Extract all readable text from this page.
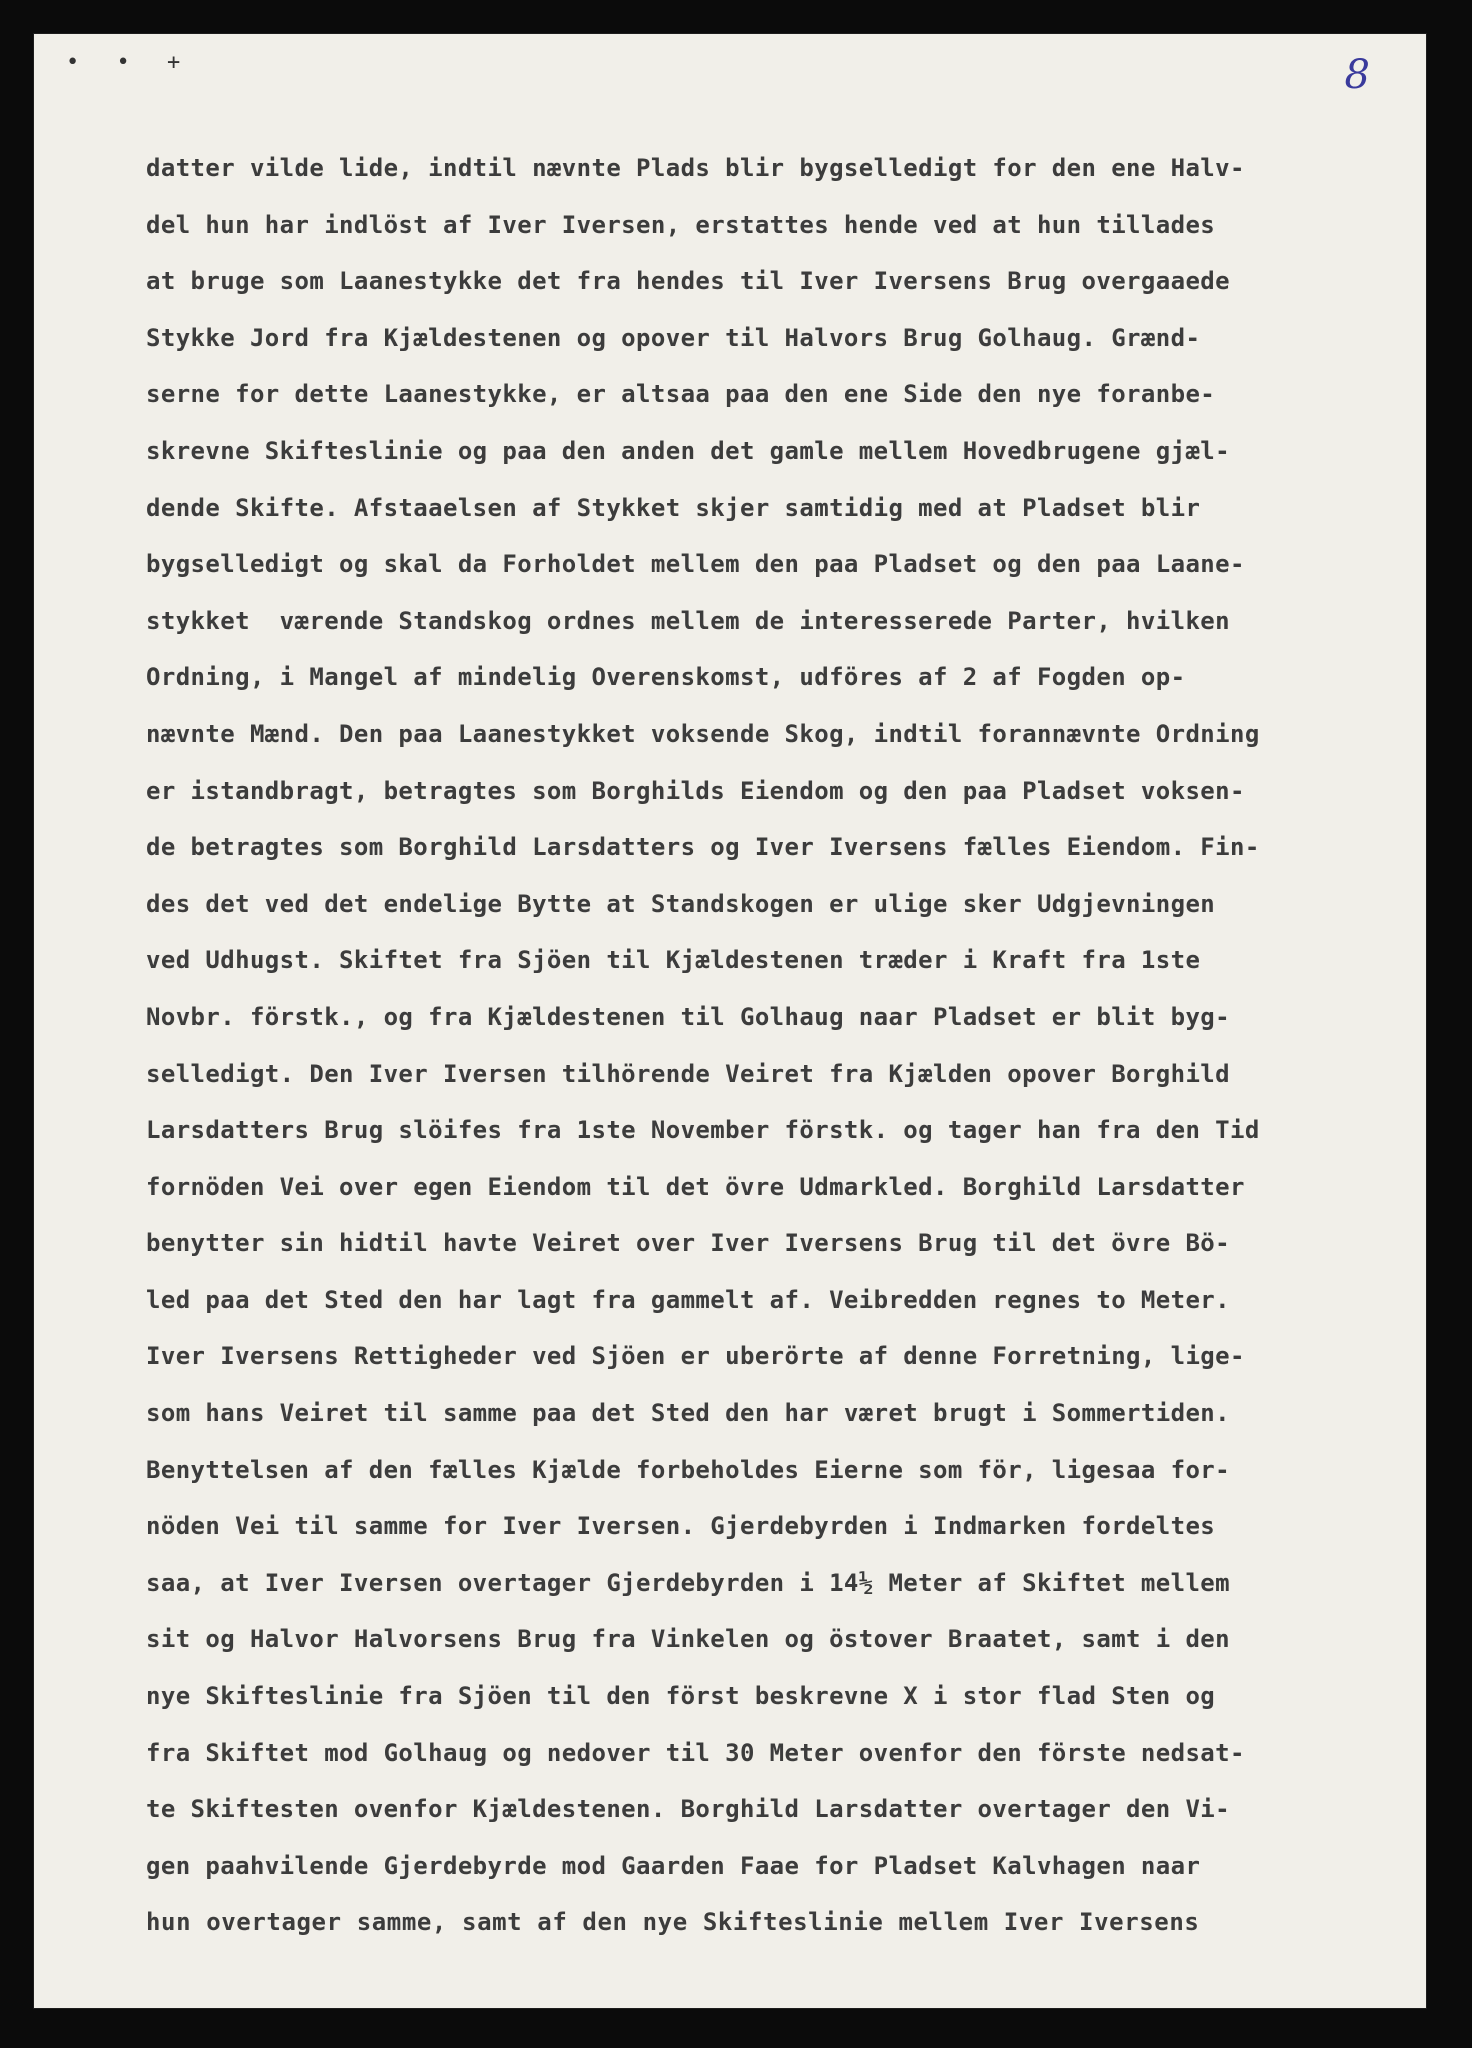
• • +	8
datter vilde lide, indtil nævnte Plads blir bygselledigt for den ene Halv-
del hun har indlöst af Iver Iversen, erstattes hende ved at hun tillades
at bruge som Laanestykke det fra hendes til Iver Iversens Brug overgaaede
Stykke Jord fra Kjældestenen og opover til Halvors Brug Golhaug. Grænd-
serne for dette Laanestykke, er altsaa paa den ene Side den nye foranbe-
skrevne Skifteslinie og paa den anden det gamle mellem Hovedbrugene gjæl-
dende Skifte. Afstaaelsen af Stykket skjer samtidig med at Pladset blir
bygselledigt og skal da Forholdet mellem den paa Pladset og den paa Laane-
stykket  værende Standskog ordnes mellem de interesserede Parter, hvilken
Ordning, i Mangel af mindelig Overenskomst, udföres af 2 af Fogden op-
nævnte Mænd. Den paa Laanestykket voksende Skog, indtil forannævnte Ordning
er istandbragt, betragtes som Borghilds Eiendom og den paa Pladset voksen-
de betragtes som Borghild Larsdatters og Iver Iversens fælles Eiendom. Fin-
des det ved det endelige Bytte at Standskogen er ulige sker Udgjevningen
ved Udhugst. Skiftet fra Sjöen til Kjældestenen træder i Kraft fra 1ste
Novbr. förstk., og fra Kjældestenen til Golhaug naar Pladset er blit byg-
selledigt. Den Iver Iversen tilhörende Veiret fra Kjælden opover Borghild
Larsdatters Brug slöifes fra 1ste November förstk. og tager han fra den Tid
fornöden Vei over egen Eiendom til det övre Udmarkled. Borghild Larsdatter
benytter sin hidtil havte Veiret over Iver Iversens Brug til det övre Bö-
led paa det Sted den har lagt fra gammelt af. Veibredden regnes to Meter.
Iver Iversens Rettigheder ved Sjöen er uberörte af denne Forretning, lige-
som hans Veiret til samme paa det Sted den har været brugt i Sommertiden.
Benyttelsen af den fælles Kjælde forbeholdes Eierne som för, ligesaa for-
nöden Vei til samme for Iver Iversen. Gjerdebyrden i Indmarken fordeltes
saa, at Iver Iversen overtager Gjerdebyrden i 14½ Meter af Skiftet mellem
sit og Halvor Halvorsens Brug fra Vinkelen og östover Braatet, samt i den
nye Skifteslinie fra Sjöen til den först beskrevne X i stor flad Sten og
fra Skiftet mod Golhaug og nedover til 30 Meter ovenfor den förste nedsat-
te Skiftesten ovenfor Kjældestenen. Borghild Larsdatter overtager den Vi-
gen paahvilende Gjerdebyrde mod Gaarden Faae for Pladset Kalvhagen naar
hun overtager samme, samt af den nye Skifteslinie mellem Iver Iversens
